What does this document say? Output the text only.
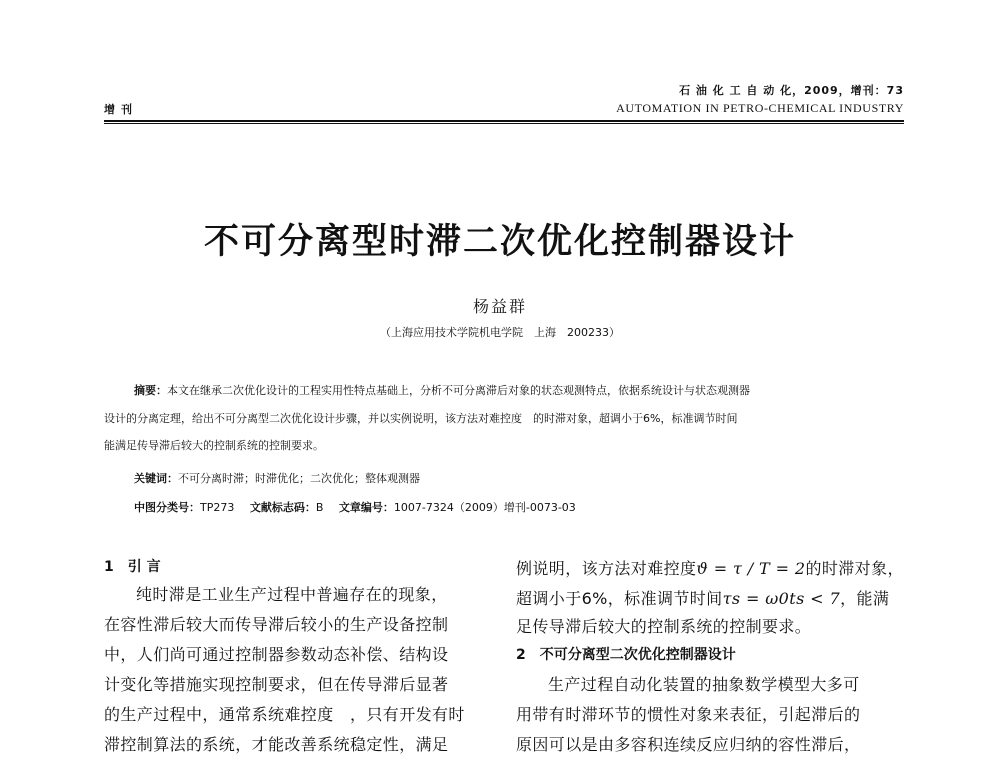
石 油 化 工 自 动 化，2009，增刊：73
AUTOMATION IN PETRO-CHEMICAL INDUSTRY
增刊
不可分离型时滞二次优化控制器设计
杨益群
（上海应用技术学院机电学院　上海　200233）
摘要：本文在继承二次优化设计的工程实用性特点基础上，分析不可分离滞后对象的状态观测特点，依据系统设计与状态观测器
设计的分离定理，给出不可分离型二次优化设计步骤，并以实例说明，该方法对难控度　的时滞对象，超调小于6%，标准调节时间
能满足传导滞后较大的控制系统的控制要求。
关键词：不可分离时滞；时滞优化；二次优化；整体观测器
中图分类号：TP273 文献标志码：B 文章编号：1007-7324（2009）增刊-0073-03
1　引 言
纯时滞是工业生产过程中普遍存在的现象，
在容性滞后较大而传导滞后较小的生产设备控制
中，人们尚可通过控制器参数动态补偿、结构设
计变化等措施实现控制要求，但在传导滞后显著
的生产过程中，通常系统难控度　，只有开发有时
滞控制算法的系统，才能改善系统稳定性，满足
例说明，该方法对难控度ϑ = τ / T = 2的时滞对象，
超调小于6%，标准调节时间τs = ω0ts < 7，能满
足传导滞后较大的控制系统的控制要求。
2　不可分离型二次优化控制器设计
生产过程自动化装置的抽象数学模型大多可
用带有时滞环节的惯性对象来表征，引起滞后的
原因可以是由多容积连续反应归纳的容性滞后，
